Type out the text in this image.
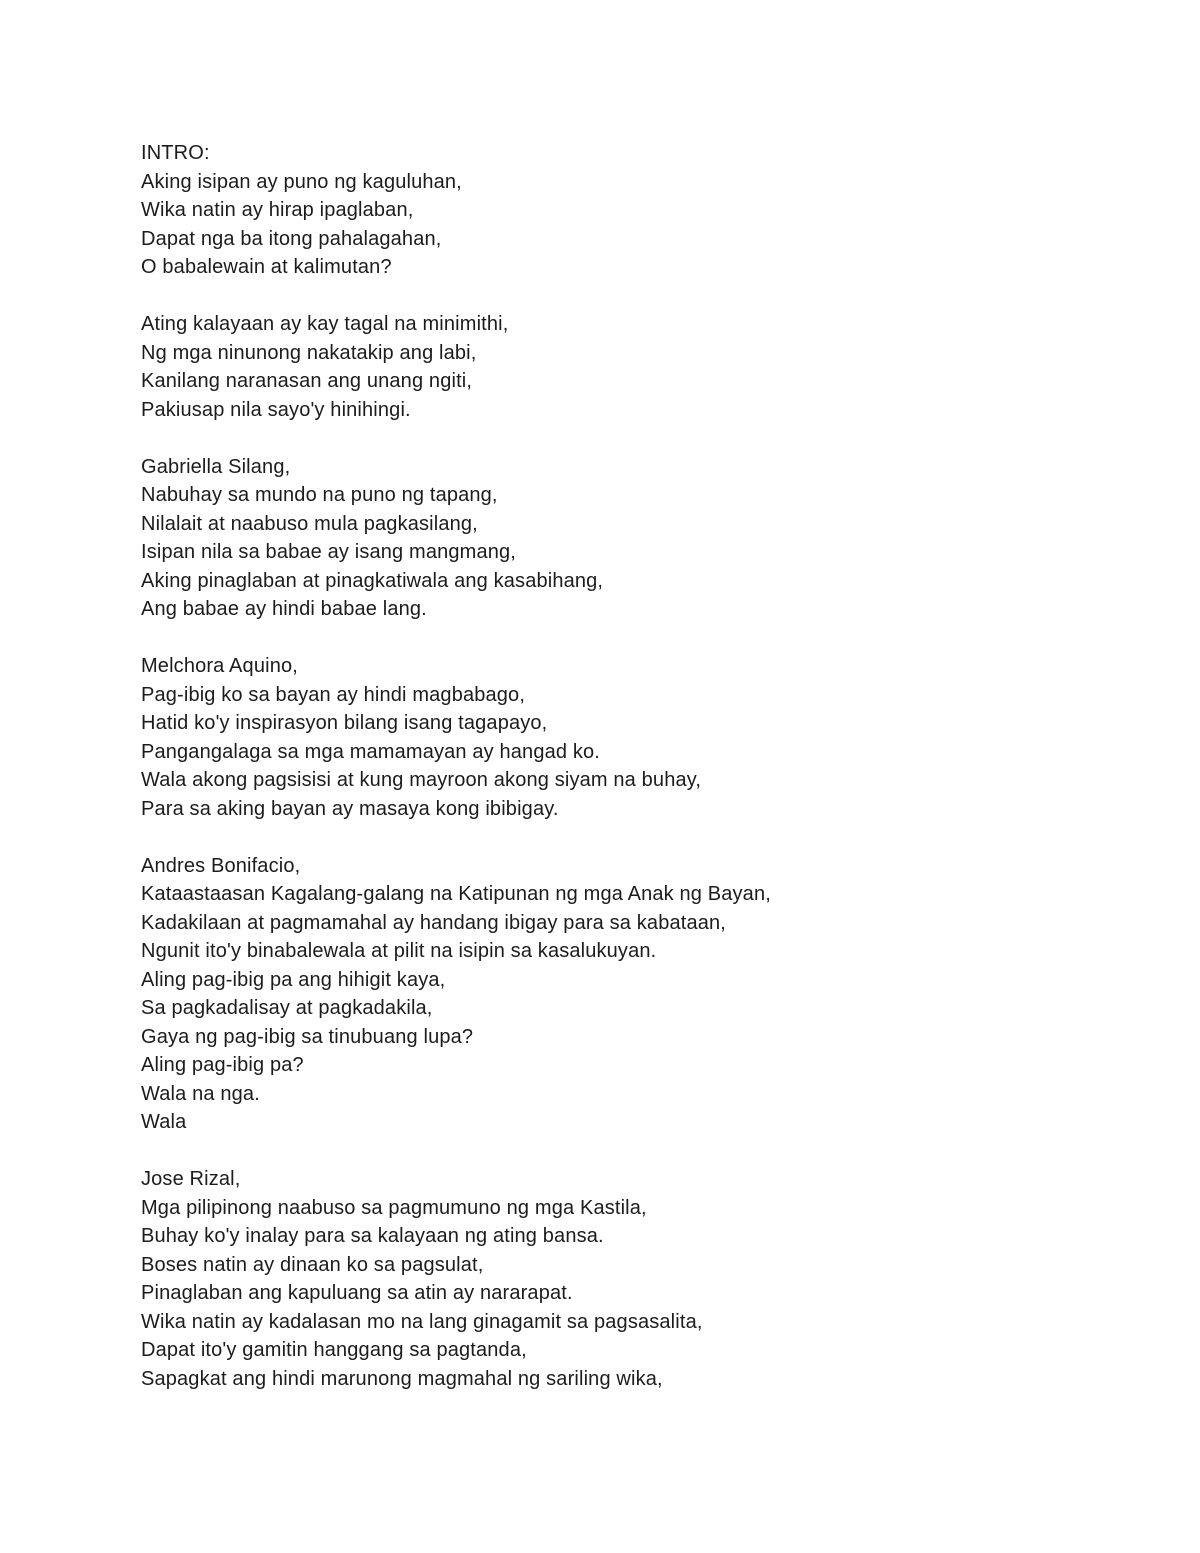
INTRO:
Aking isipan ay puno ng kaguluhan,
Wika natin ay hirap ipaglaban,
Dapat nga ba itong pahalagahan,
O babalewain at kalimutan?
Ating kalayaan ay kay tagal na minimithi,
Ng mga ninunong nakatakip ang labi,
Kanilang naranasan ang unang ngiti,
Pakiusap nila sayo'y hinihingi.
Gabriella Silang,
Nabuhay sa mundo na puno ng tapang,
Nilalait at naabuso mula pagkasilang,
Isipan nila sa babae ay isang mangmang,
Aking pinaglaban at pinagkatiwala ang kasabihang,
Ang babae ay hindi babae lang.
Melchora Aquino,
Pag-ibig ko sa bayan ay hindi magbabago,
Hatid ko'y inspirasyon bilang isang tagapayo,
Pangangalaga sa mga mamamayan ay hangad ko.
Wala akong pagsisisi at kung mayroon akong siyam na buhay,
Para sa aking bayan ay masaya kong ibibigay.
Andres Bonifacio,
Kataastaasan Kagalang-galang na Katipunan ng mga Anak ng Bayan,
Kadakilaan at pagmamahal ay handang ibigay para sa kabataan,
Ngunit ito'y binabalewala at pilit na isipin sa kasalukuyan.
Aling pag-ibig pa ang hihigit kaya,
Sa pagkadalisay at pagkadakila,
Gaya ng pag-ibig sa tinubuang lupa?
Aling pag-ibig pa?
Wala na nga.
Wala
Jose Rizal,
Mga pilipinong naabuso sa pagmumuno ng mga Kastila,
Buhay ko'y inalay para sa kalayaan ng ating bansa.
Boses natin ay dinaan ko sa pagsulat,
Pinaglaban ang kapuluang sa atin ay nararapat.
Wika natin ay kadalasan mo na lang ginagamit sa pagsasalita,
Dapat ito'y gamitin hanggang sa pagtanda,
Sapagkat ang hindi marunong magmahal ng sariling wika,
